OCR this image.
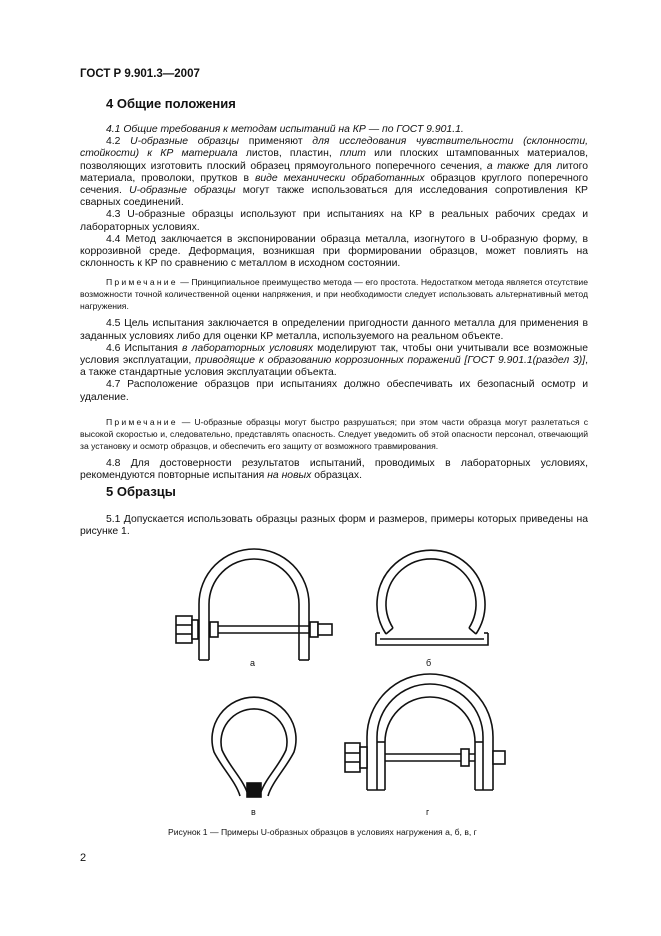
ГОСТ Р 9.901.3—2007
4 Общие положения
4.1 Общие требования к методам испытаний на КР — по ГОСТ 9.901.1.
4.2 U-образные образцы применяют для исследования чувствительности (склонности, стойкости) к КР материала листов, пластин, плит или плоских штампованных материалов, позволяющих изготовить плоский образец прямоугольного поперечного сечения, а также для литого материала, проволоки, прутков в виде механически обработанных образцов круглого поперечного сечения. U-образные образцы могут также использоваться для исследования сопротивления КР сварных соединений.
4.3 U-образные образцы используют при испытаниях на КР в реальных рабочих средах и лабораторных условиях.
4.4 Метод заключается в экспонировании образца металла, изогнутого в U-образную форму, в коррозивной среде. Деформация, возникшая при формировании образцов, может повлиять на склонность к КР по сравнению с металлом в исходном состоянии.
Примечание — Принципиальное преимущество метода — его простота. Недостатком метода является отсутствие возможности точной количественной оценки напряжения, и при необходимости следует использовать альтернативный метод нагружения.
4.5 Цель испытания заключается в определении пригодности данного металла для применения в заданных условиях либо для оценки КР металла, используемого на реальном объекте.
4.6 Испытания в лабораторных условиях моделируют так, чтобы они учитывали все возможные условия эксплуатации, приводящие к образованию коррозионных поражений [ГОСТ 9.901.1(раздел 3)], а также стандартные условия эксплуатации объекта.
4.7 Расположение образцов при испытаниях должно обеспечивать их безопасный осмотр и удаление.
Примечание — U-образные образцы могут быстро разрушаться; при этом части образца могут разлетаться с высокой скоростью и, следовательно, представлять опасность. Следует уведомить об этой опасности персонал, отвечающий за установку и осмотр образцов, и обеспечить его защиту от возможного травмирования.
4.8 Для достоверности результатов испытаний, проводимых в лабораторных условиях, рекомендуются повторные испытания на новых образцах.
5 Образцы
5.1 Допускается использовать образцы разных форм и размеров, примеры которых приведены на рисунке 1.
а	б
в	г
Рисунок 1 — Примеры U-образных образцов в условиях нагружения а, б, в, г
2
